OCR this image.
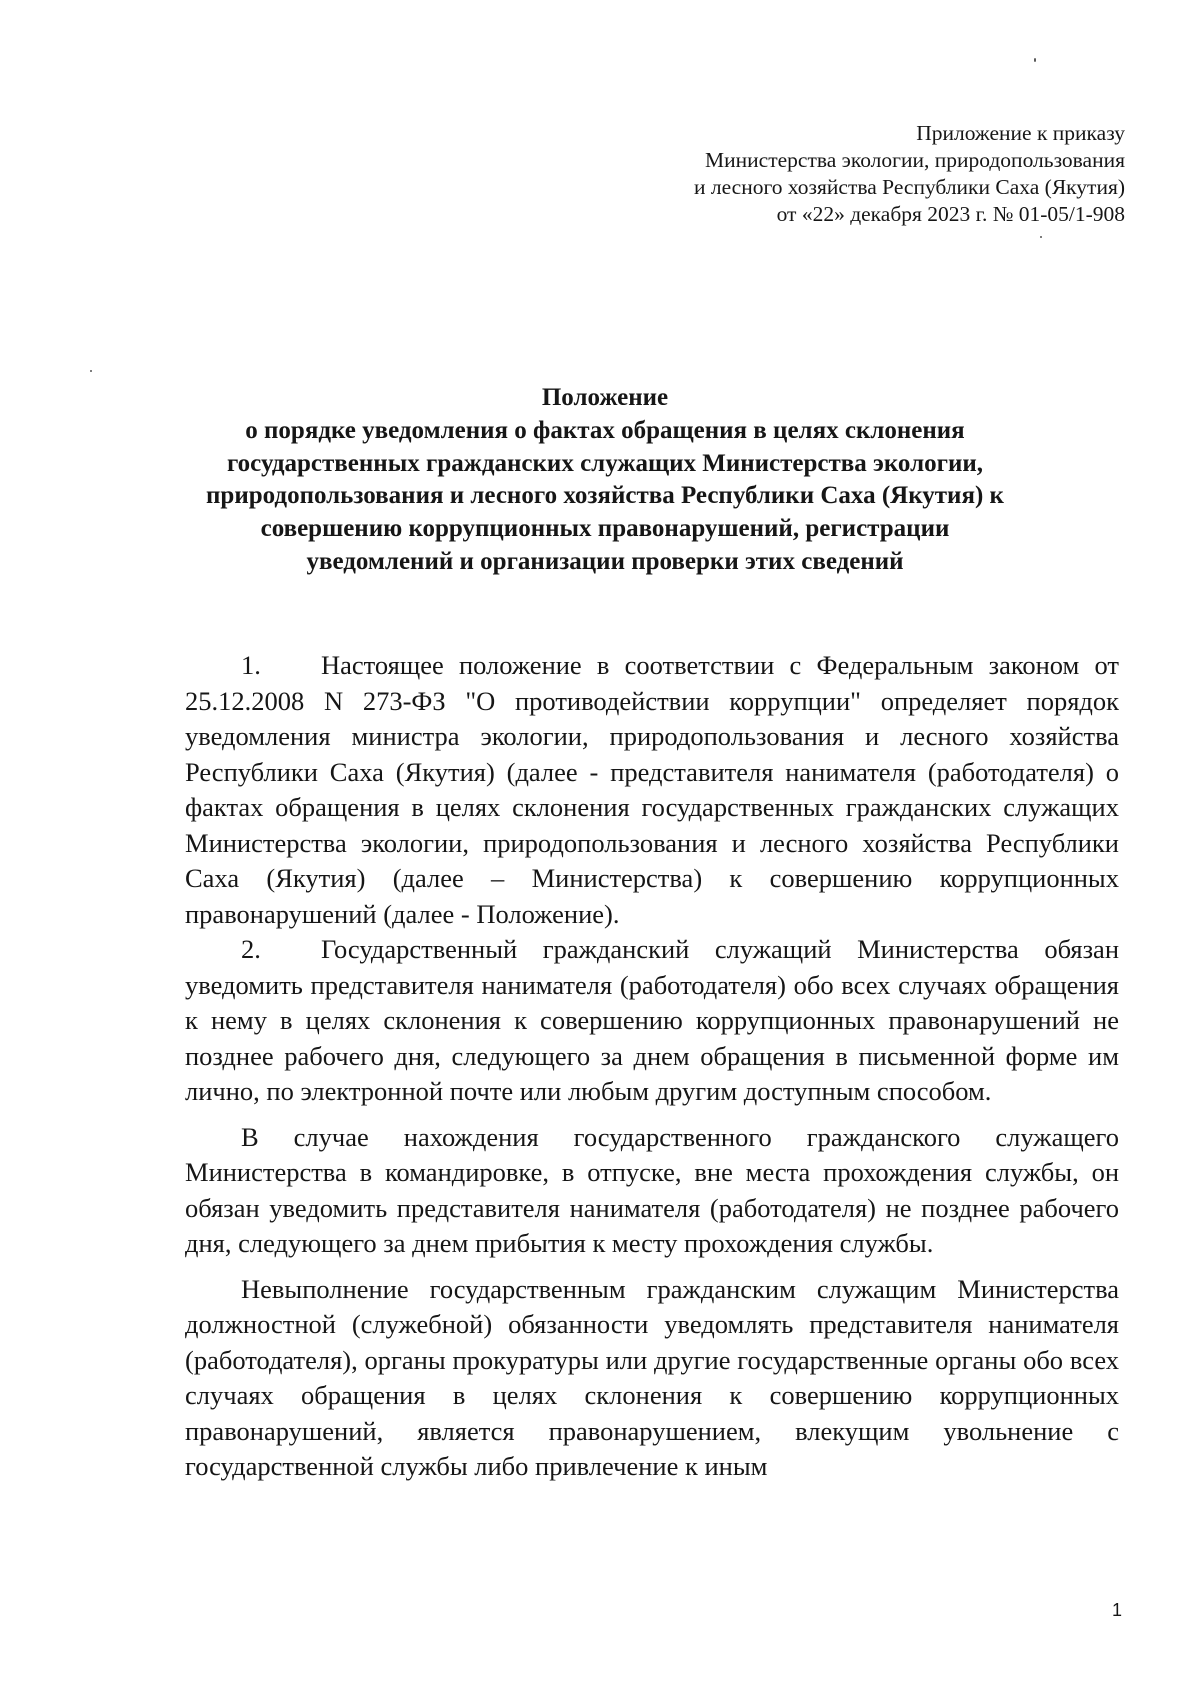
Приложение к приказу
Министерства экологии, природопользования
и лесного хозяйства Республики Саха (Якутия)
от «22» декабря 2023 г. № 01-05/1-908
Положение
о порядке уведомления о фактах обращения в целях склонения
государственных гражданских служащих Министерства экологии,
природопользования и лесного хозяйства Республики Саха (Якутия) к
совершению коррупционных правонарушений, регистрации
уведомлений и организации проверки этих сведений

1. Настоящее положение в соответствии с Федеральным законом от 25.12.2008 N 273-ФЗ "О противодействии коррупции" определяет порядок уведомления министра экологии, природопользования и лесного хозяйства Республики Саха (Якутия) (далее - представителя нанимателя (работодателя) о фактах обращения в целях склонения государственных гражданских служащих Министерства экологии, природопользования и лесного хозяйства Республики Саха (Якутия) (далее – Министерства) к совершению коррупционных правонарушений (далее - Положение).

2. Государственный гражданский служащий Министерства обязан уведомить представителя нанимателя (работодателя) обо всех случаях обращения к нему в целях склонения к совершению коррупционных правонарушений не позднее рабочего дня, следующего за днем обращения в письменной форме им лично, по электронной почте или любым другим доступным способом.

В случае нахождения государственного гражданского служащего Министерства в командировке, в отпуске, вне места прохождения службы, он обязан уведомить представителя нанимателя (работодателя) не позднее рабочего дня, следующего за днем прибытия к месту прохождения службы.

Невыполнение государственным гражданским служащим Министерства должностной (служебной) обязанности уведомлять представителя нанимателя (работодателя), органы прокуратуры или другие государственные органы обо всех случаях обращения в целях склонения к совершению коррупционных правонарушений, является правонарушением, влекущим увольнение с государственной службы либо привлечение к иным

1
